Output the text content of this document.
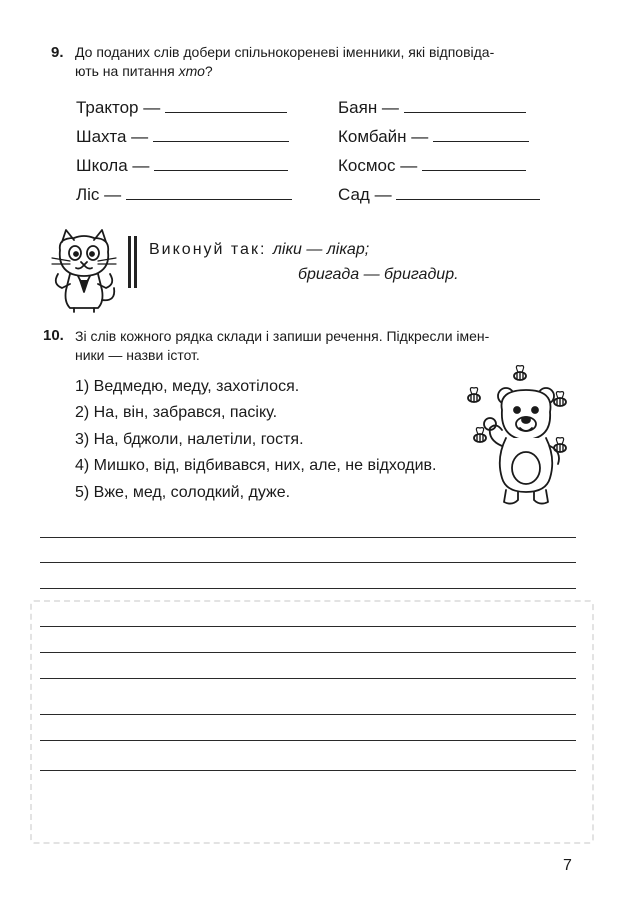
9. До поданих слів добери спільнокореневі іменники, які відповіда-
ють на питання хто?
Трактор —
Шахта —
Школа —
Ліс —
Баян —
Комбайн —
Космос —
Сад —
Виконуй так: ліки — лікар;
бригада — бригадир.
10. Зі слів кожного рядка склади і запиши речення. Підкресли імен-
ники — назви істот.
1) Ведмедю, меду, захотілося.
2) На, він, забрався, пасіку.
3) На, бджоли, налетіли, гостя.
4) Мишко, від, відбивався, них, але, не відходив.
5) Вже, мед, солодкий, дуже.
7
